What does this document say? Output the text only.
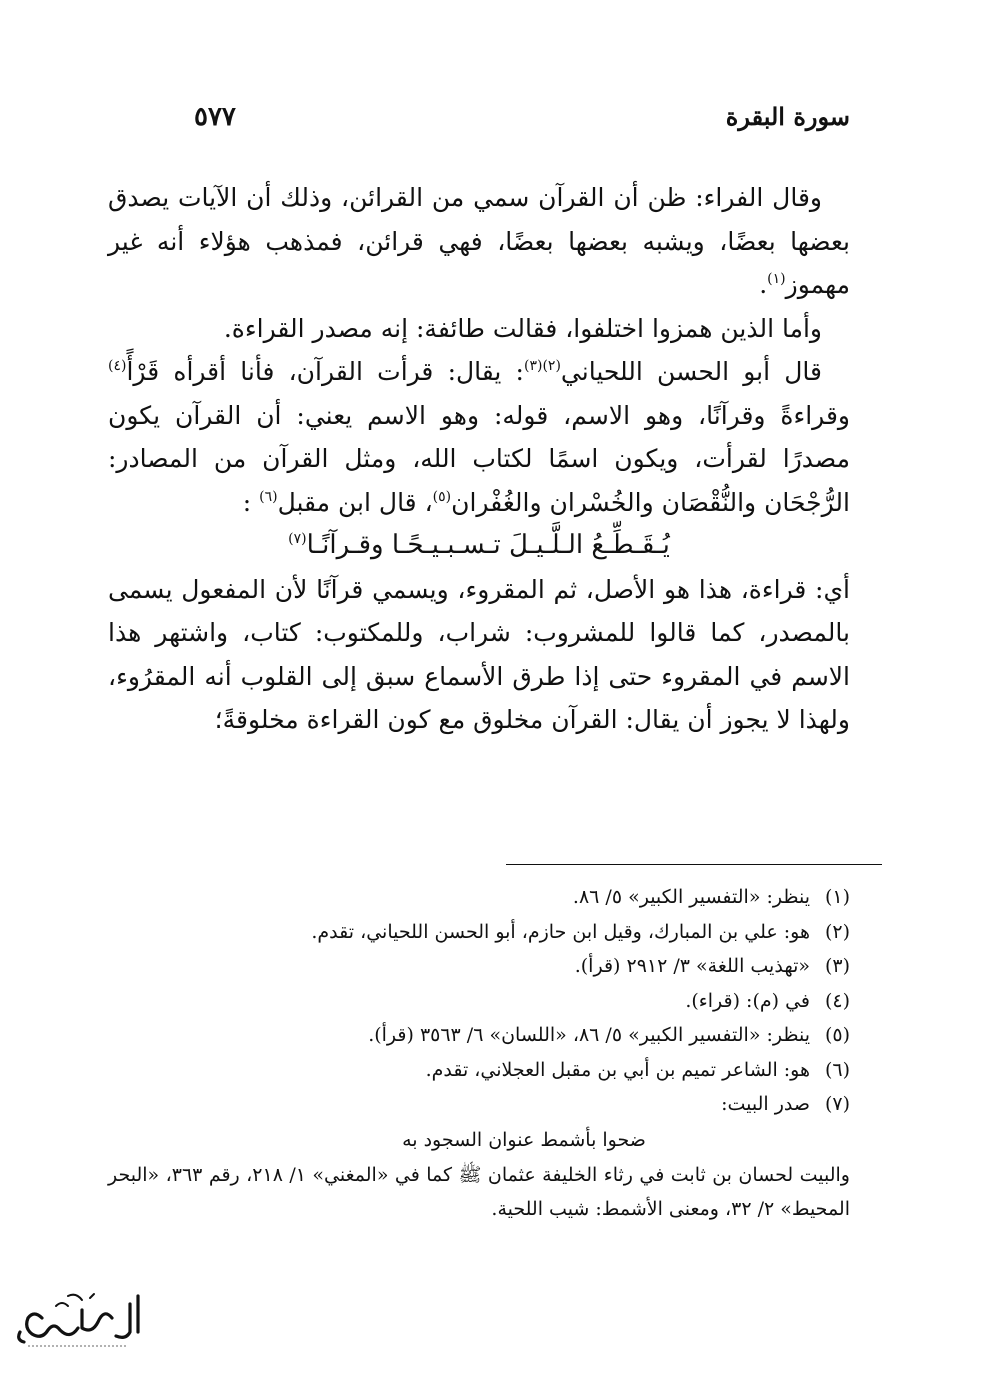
سورة البقرة
٥٧٧

وقال الفراء: ظن أن القرآن سمي من القرائن، وذلك أن الآيات يصدق بعضها بعضًا، ويشبه بعضها بعضًا، فهي قرائن، فمذهب هؤلاء أنه غير مهموز$^{(١)}$.

وأما الذين همزوا اختلفوا، فقالت طائفة: إنه مصدر القراءة.

قال أبو الحسن اللحياني$^{(٢)(٣)}$: يقال: قرأت القرآن، فأنا أقرأه قَرْأً$^{(٤)}$ وقراءةً وقرآنًا، وهو الاسم، قوله: وهو الاسم يعني: أن القرآن يكون مصدرًا لقرأت، ويكون اسمًا لكتاب الله، ومثل القرآن من المصادر: الرُّجْحَان والنُّقْصَان والخُسْران والغُفْران$^{(٥)}$، قال ابن مقبل$^{(٦)}$ :

يُـقَـطِّـعُ الـلَّـيـلَ تـسـبـيـحًـا وقـرآنًـا$^{(٧)}$

أي: قراءة، هذا هو الأصل، ثم المقروء، ويسمي قرآنًا لأن المفعول يسمى بالمصدر، كما قالوا للمشروب: شراب، وللمكتوب: كتاب، واشتهر هذا الاسم في المقروء حتى إذا طرق الأسماع سبق إلى القلوب أنه المقرُوء، ولهذا لا يجوز أن يقال: القرآن مخلوق مع كون القراءة مخلوقةً؛

(١)ينظر: «التفسير الكبير» ٥/ ٨٦.
(٢)هو: علي بن المبارك، وقيل ابن حازم، أبو الحسن اللحياني، تقدم.
(٣)«تهذيب اللغة» ٣/ ٢٩١٢ (قرأ).
(٤)في (م): (قراء).
(٥)ينظر: «التفسير الكبير» ٥/ ٨٦، «اللسان» ٦/ ٣٥٦٣ (قرأ).
(٦)هو: الشاعر تميم بن أبي بن مقبل العجلاني، تقدم.
(٧)صدر البيت:
ضحوا بأشمط عنوان السجود به
والبيت لحسان بن ثابت في رثاء الخليفة عثمان ﷺ كما في «المغني» ١/ ٢١٨، رقم ٣٦٣، «البحر المحيط» ٢/ ٣٢، ومعنى الأشمط: شيب اللحية.
